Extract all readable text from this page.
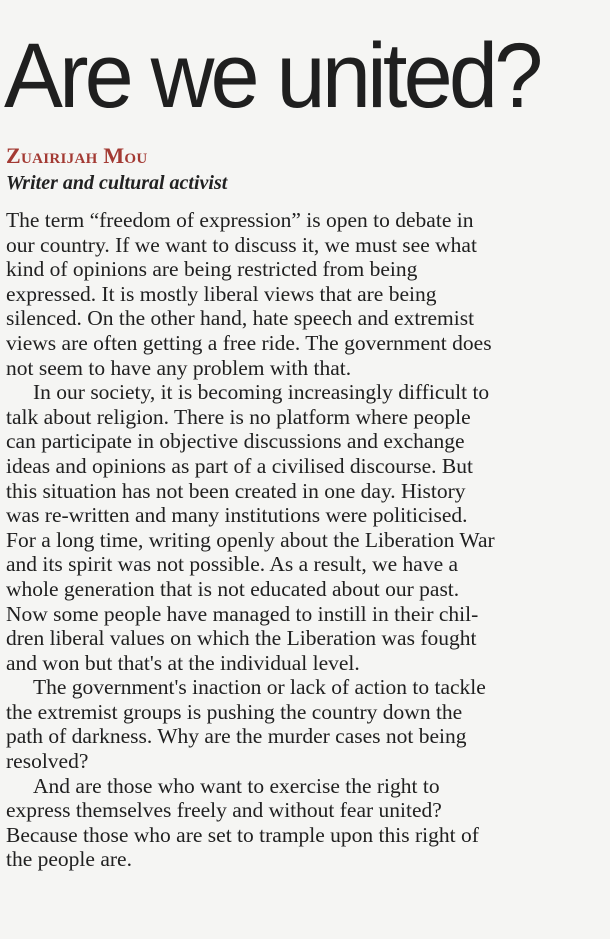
Are we united?
Zuairijah Mou
Writer and cultural activist

The term “freedom of expression” is open to debate in
our country. If we want to discuss it, we must see what
kind of opinions are being restricted from being
expressed. It is mostly liberal views that are being
silenced. On the other hand, hate speech and extremist
views are often getting a free ride. The government does
not seem to have any problem with that.

In our society, it is becoming increasingly difficult to
talk about religion. There is no platform where people
can participate in objective discussions and exchange
ideas and opinions as part of a civilised discourse. But
this situation has not been created in one day. History
was re-written and many institutions were politicised.
For a long time, writing openly about the Liberation War
and its spirit was not possible. As a result, we have a
whole generation that is not educated about our past.
Now some people have managed to instill in their chil-
dren liberal values on which the Liberation was fought
and won but that's at the individual level.

The government's inaction or lack of action to tackle
the extremist groups is pushing the country down the
path of darkness. Why are the murder cases not being
resolved?

And are those who want to exercise the right to
express themselves freely and without fear united?
Because those who are set to trample upon this right of
the people are.
